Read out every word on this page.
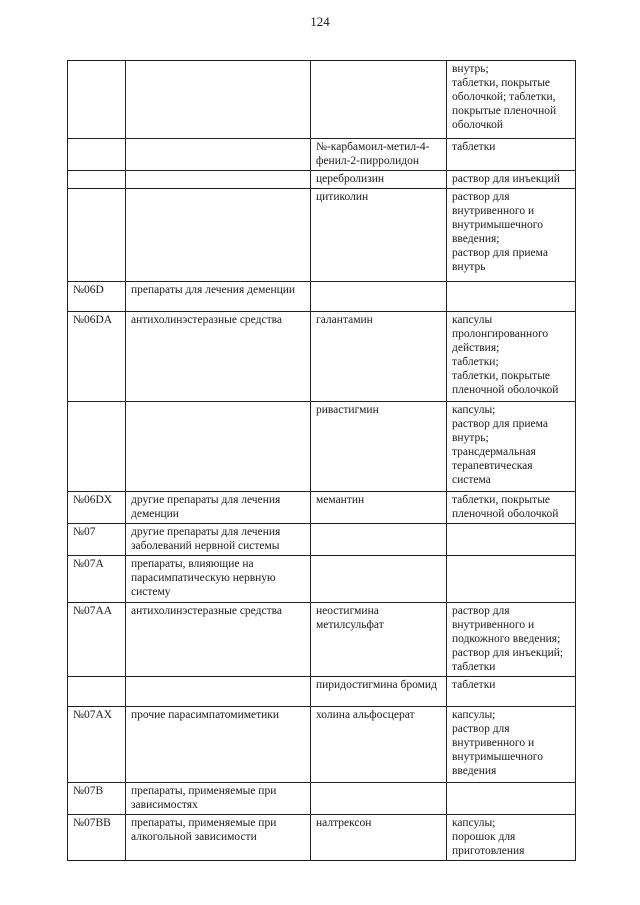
124
			внутрь;
таблетки, покрытые оболочкой; таблетки, покрытые пленочной оболочкой
		№-карбамоил-метил-4-фенил-2-пирролидон	таблетки
		церебролизин	раствор для инъекций
		цитиколин	раствор для внутривенного и внутримышечного введения;
раствор для приема внутрь
№06D	препараты для лечения деменции		
№06DA	антихолинэстеразные средства	галантамин	капсулы пролонгированного действия;
таблетки;
таблетки, покрытые пленочной оболочкой
		ривастигмин	капсулы;
раствор для приема внутрь;
трансдермальная терапевтическая система
№06DX	другие препараты для лечения деменции	мемантин	таблетки, покрытые пленочной оболочкой
№07	другие препараты для лечения заболеваний нервной системы		
№07A	препараты, влияющие на парасимпатическую нервную систему		
№07AA	антихолинэстеразные средства	неостигмина метилсульфат	раствор для внутривенного и подкожного введения;
раствор для инъекций;
таблетки
		пиридостигмина бромид	таблетки
№07AX	прочие парасимпатомиметики	холина альфосцерат	капсулы;
раствор для внутривенного и внутримышечного введения
№07B	препараты, применяемые при зависимостях		
№07BB	препараты, применяемые при алкогольной зависимости	налтрексон	капсулы;
порошок для приготовления
